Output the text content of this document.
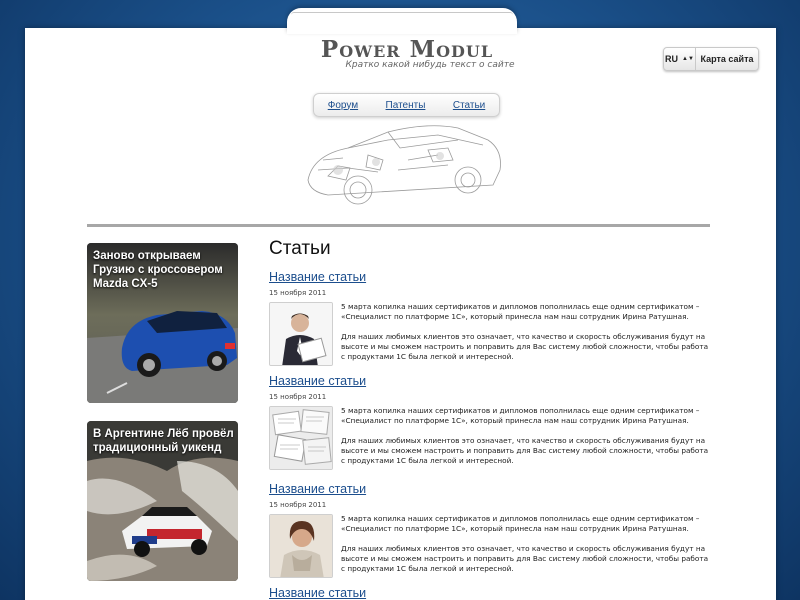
Power Modul
Кратко какой нибудь текст о сайте
RU ▲▼ Карта сайта
Форум	Патенты	Статьи
Заново открываем Грузию с кроссовером Mazda CX-5
В Аргентине Лёб провёл традиционный уикенд
Статьи
Название статьи
15 ноября 2011

5 марта копилка наших сертификатов и дипломов пополнилась еще одним сертификатом – «Специалист по платформе 1С», который принесла нам наш сотрудник Ирина Ратушная.

Для наших любимых клиентов это означает, что качество и скорость обслуживания будут на высоте и мы сможем настроить и поправить для Вас систему любой сложности, чтобы работа с продуктами 1С была легкой и интересной.

Название статьи
15 ноября 2011

5 марта копилка наших сертификатов и дипломов пополнилась еще одним сертификатом – «Специалист по платформе 1С», который принесла нам наш сотрудник Ирина Ратушная.

Для наших любимых клиентов это означает, что качество и скорость обслуживания будут на высоте и мы сможем настроить и поправить для Вас систему любой сложности, чтобы работа с продуктами 1С была легкой и интересной.

Название статьи
15 ноября 2011

5 марта копилка наших сертификатов и дипломов пополнилась еще одним сертификатом – «Специалист по платформе 1С», который принесла нам наш сотрудник Ирина Ратушная.

Для наших любимых клиентов это означает, что качество и скорость обслуживания будут на высоте и мы сможем настроить и поправить для Вас систему любой сложности, чтобы работа с продуктами 1С была легкой и интересной.

Название статьи
